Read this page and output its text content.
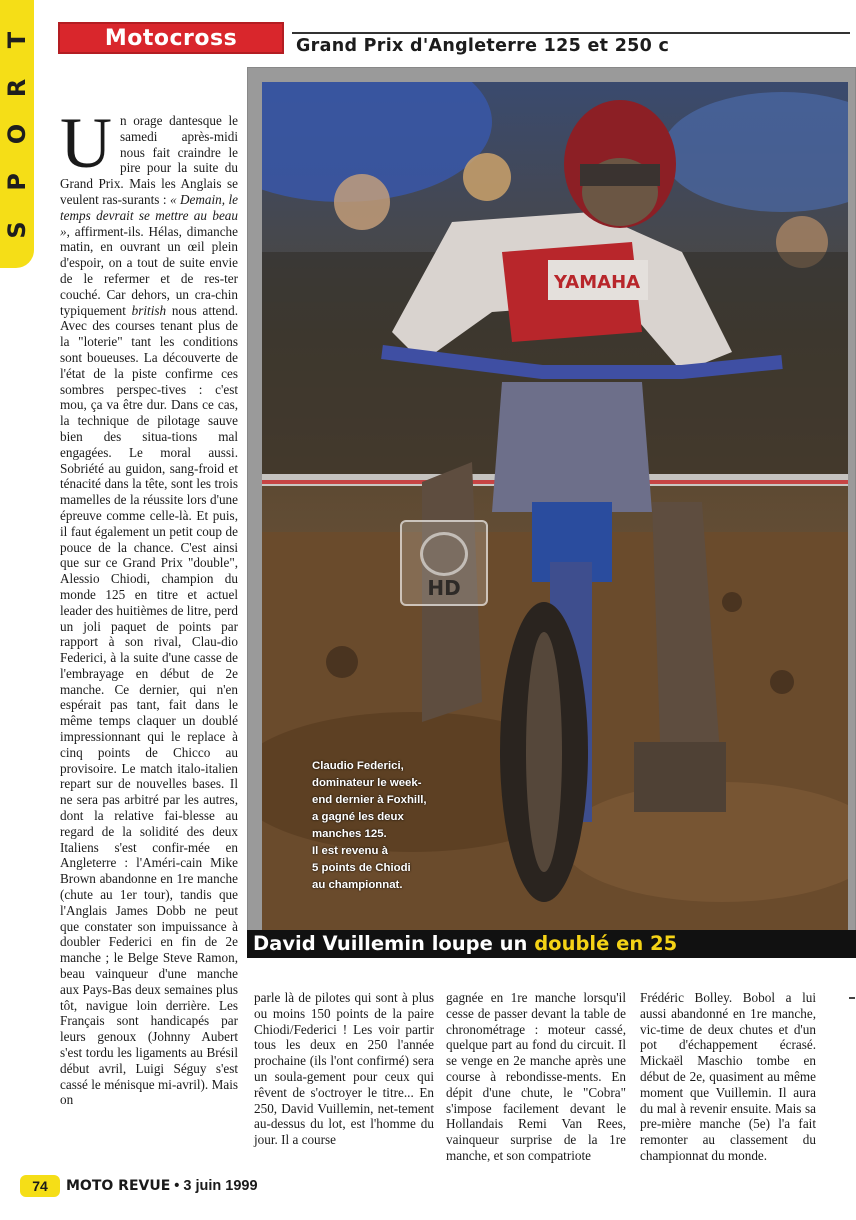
T
R
O
P
S
Motocross	Grand Prix d'Angleterre 125 et 250 c
YAMAHA
HD

Claudio Federici,

dominateur le week-

end dernier à Foxhill,

a gagné les deux

manches 125.

Il est revenu à

5 points de Chiodi

au championnat.

David Vuillemin loupe un doublé en 25
Un orage dantesque le samedi après-midi nous fait craindre le pire pour la suite du Grand Prix. Mais les Anglais se veulent ras-surants : « Demain, le temps devrait se mettre au beau », affirment-ils. Hélas, dimanche matin, en ouvrant un œil plein d'espoir, on a tout de suite envie de le refermer et de res-ter couché. Car dehors, un cra-chin typiquement british nous attend. Avec des courses tenant plus de la "loterie" tant les conditions sont boueuses. La découverte de l'état de la piste confirme ces sombres perspec-tives : c'est mou, ça va être dur. Dans ce cas, la technique de pilotage sauve bien des situa-tions mal engagées. Le moral aussi. Sobriété au guidon, sang-froid et ténacité dans la tête, sont les trois mamelles de la réussite lors d'une épreuve comme celle-là. Et puis, il faut également un petit coup de pouce de la chance. C'est ainsi que sur ce Grand Prix "double", Alessio Chiodi, champion du monde 125 en titre et actuel leader des huitièmes de litre, perd un joli paquet de points par rapport à son rival, Clau-dio Federici, à la suite d'une casse de l'embrayage en début de 2e manche. Ce dernier, qui n'en espérait pas tant, fait dans le même temps claquer un doublé impressionnant qui le replace à cinq points de Chicco au provisoire. Le match italo-italien repart sur de nouvelles bases. Il ne sera pas arbitré par les autres, dont la relative fai-blesse au regard de la solidité des deux Italiens s'est confir-mée en Angleterre : l'Améri-cain Mike Brown abandonne en 1re manche (chute au 1er tour), tandis que l'Anglais James Dobb ne peut que constater son impuissance à doubler Federici en fin de 2e manche ; le Belge Steve Ramon, beau vainqueur d'une manche aux Pays-Bas deux semaines plus tôt, navigue loin derrière. Les Français sont handicapés par leurs genoux (Johnny Aubert s'est tordu les ligaments au Brésil début avril, Luigi Séguy s'est cassé le ménisque mi-avril). Mais on
parle là de pilotes qui sont à plus ou moins 150 points de la paire Chiodi/Federici ! Les voir partir tous les deux en 250 l'année prochaine (ils l'ont confirmé) sera un soula-gement pour ceux qui rêvent de s'octroyer le titre... En 250, David Vuillemin, net-tement au-dessus du lot, est l'homme du jour. Il a course
gagnée en 1re manche lorsqu'il cesse de passer devant la table de chronométrage : moteur cassé, quelque part au fond du circuit. Il se venge en 2e manche après une course à rebondisse-ments. En dépit d'une chute, le "Cobra" s'impose facilement devant le Hollandais Remi Van Rees, vainqueur surprise de la 1re manche, et son compatriote
Frédéric Bolley. Bobol a lui aussi abandonné en 1re manche, vic-time de deux chutes et d'un pot d'échappement écrasé. Mickaël Maschio tombe en début de 2e, quasiment au même moment que Vuillemin. Il aura du mal à revenir ensuite. Mais sa pre-mière manche (5e) l'a fait remonter au classement du championnat du monde.
74	MOTO REVUE • 3 juin 1999
